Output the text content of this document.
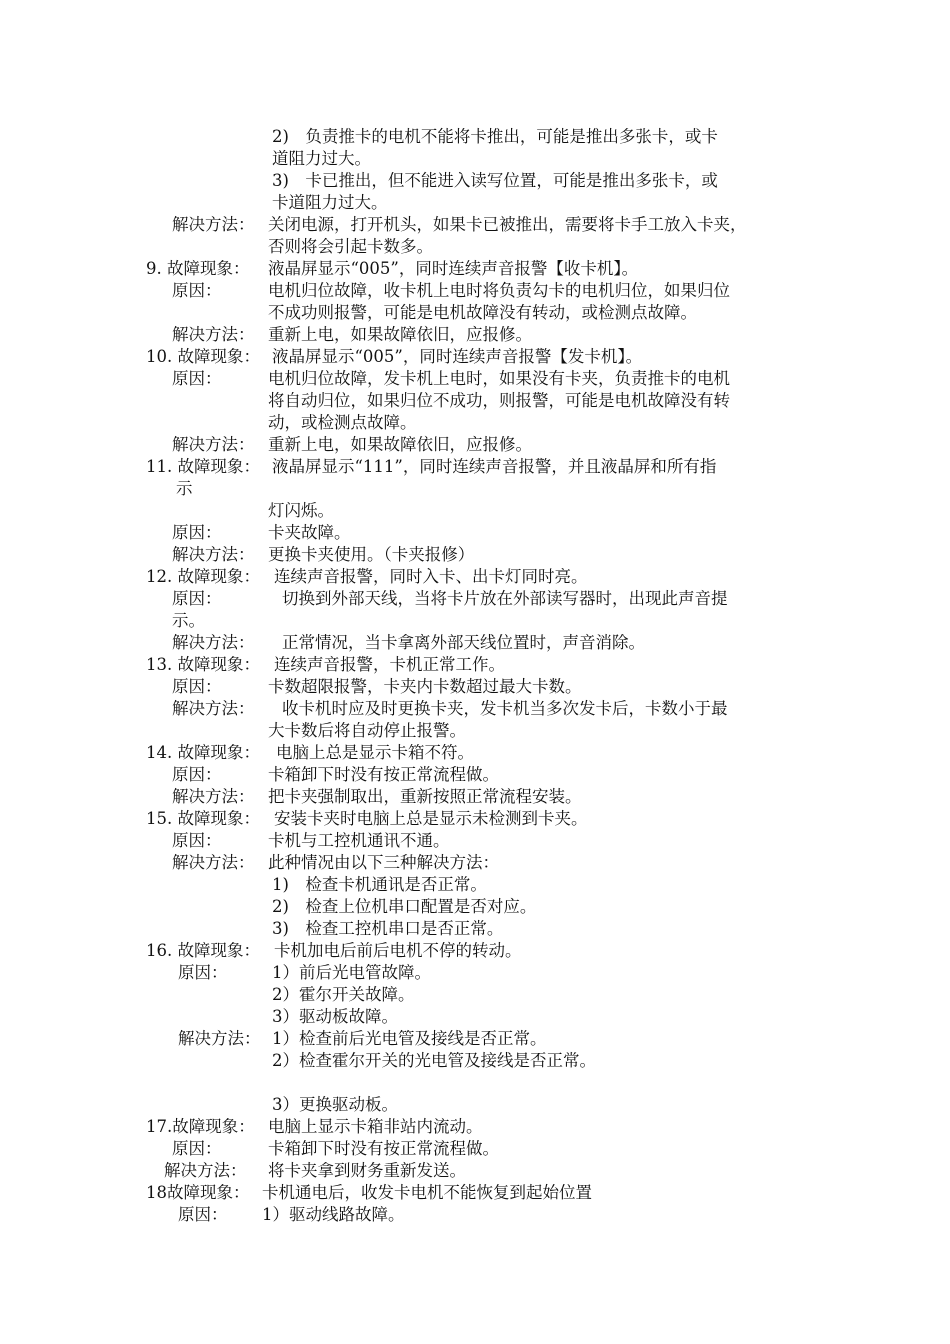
2)　负责推卡的电机不能将卡推出，可能是推出多张卡，或卡
道阻力过大。
3)　卡已推出，但不能进入读写位置，可能是推出多张卡，或
卡道阻力过大。
解决方法： 关闭电源，打开机头，如果卡已被推出，需要将卡手工放入卡夹，
否则将会引起卡数多。
9. 故障现象： 液晶屏显示“005”，同时连续声音报警【收卡机】。
原因：	电机归位故障，收卡机上电时将负责勾卡的电机归位，如果归位
不成功则报警，可能是电机故障没有转动，或检测点故障。
解决方法： 重新上电，如果故障依旧，应报修。
10. 故障现象： 液晶屏显示“005”，同时连续声音报警【发卡机】。
原因：	电机归位故障，发卡机上电时，如果没有卡夹，负责推卡的电机
将自动归位，如果归位不成功，则报警，可能是电机故障没有转
动，或检测点故障。
解决方法： 重新上电，如果故障依旧，应报修。
11. 故障现象： 液晶屏显示“111”，同时连续声音报警，并且液晶屏和所有指
示
灯闪烁。
原因：	卡夹故障。
解决方法： 更换卡夹使用。（卡夹报修）
12. 故障现象： 连续声音报警，同时入卡、出卡灯同时亮。
原因：	切换到外部天线，当将卡片放在外部读写器时，出现此声音提
示。
解决方法： 正常情况，当卡拿离外部天线位置时，声音消除。
13. 故障现象： 连续声音报警，卡机正常工作。
原因：	卡数超限报警，卡夹内卡数超过最大卡数。
解决方法： 收卡机时应及时更换卡夹，发卡机当多次发卡后，卡数小于最
大卡数后将自动停止报警。
14. 故障现象： 电脑上总是显示卡箱不符。
原因：	卡箱卸下时没有按正常流程做。
解决方法： 把卡夹强制取出，重新按照正常流程安装。
15. 故障现象： 安装卡夹时电脑上总是显示未检测到卡夹。
原因：	卡机与工控机通讯不通。
解决方法： 此种情况由以下三种解决方法：
1)　检查卡机通讯是否正常。
2)　检查上位机串口配置是否对应。
3)　检查工控机串口是否正常。
16. 故障现象： 卡机加电后前后电机不停的转动。
原因：	1）前后光电管故障。
2）霍尔开关故障。
3）驱动板故障。
解决方法： 1）检查前后光电管及接线是否正常。
2）检查霍尔开关的光电管及接线是否正常。
3）更换驱动板。
17.故障现象： 电脑上显示卡箱非站内流动。
原因：	卡箱卸下时没有按正常流程做。
解决方法： 将卡夹拿到财务重新发送。
18故障现象： 卡机通电后，收发卡电机不能恢复到起始位置
原因： 1）驱动线路故障。
